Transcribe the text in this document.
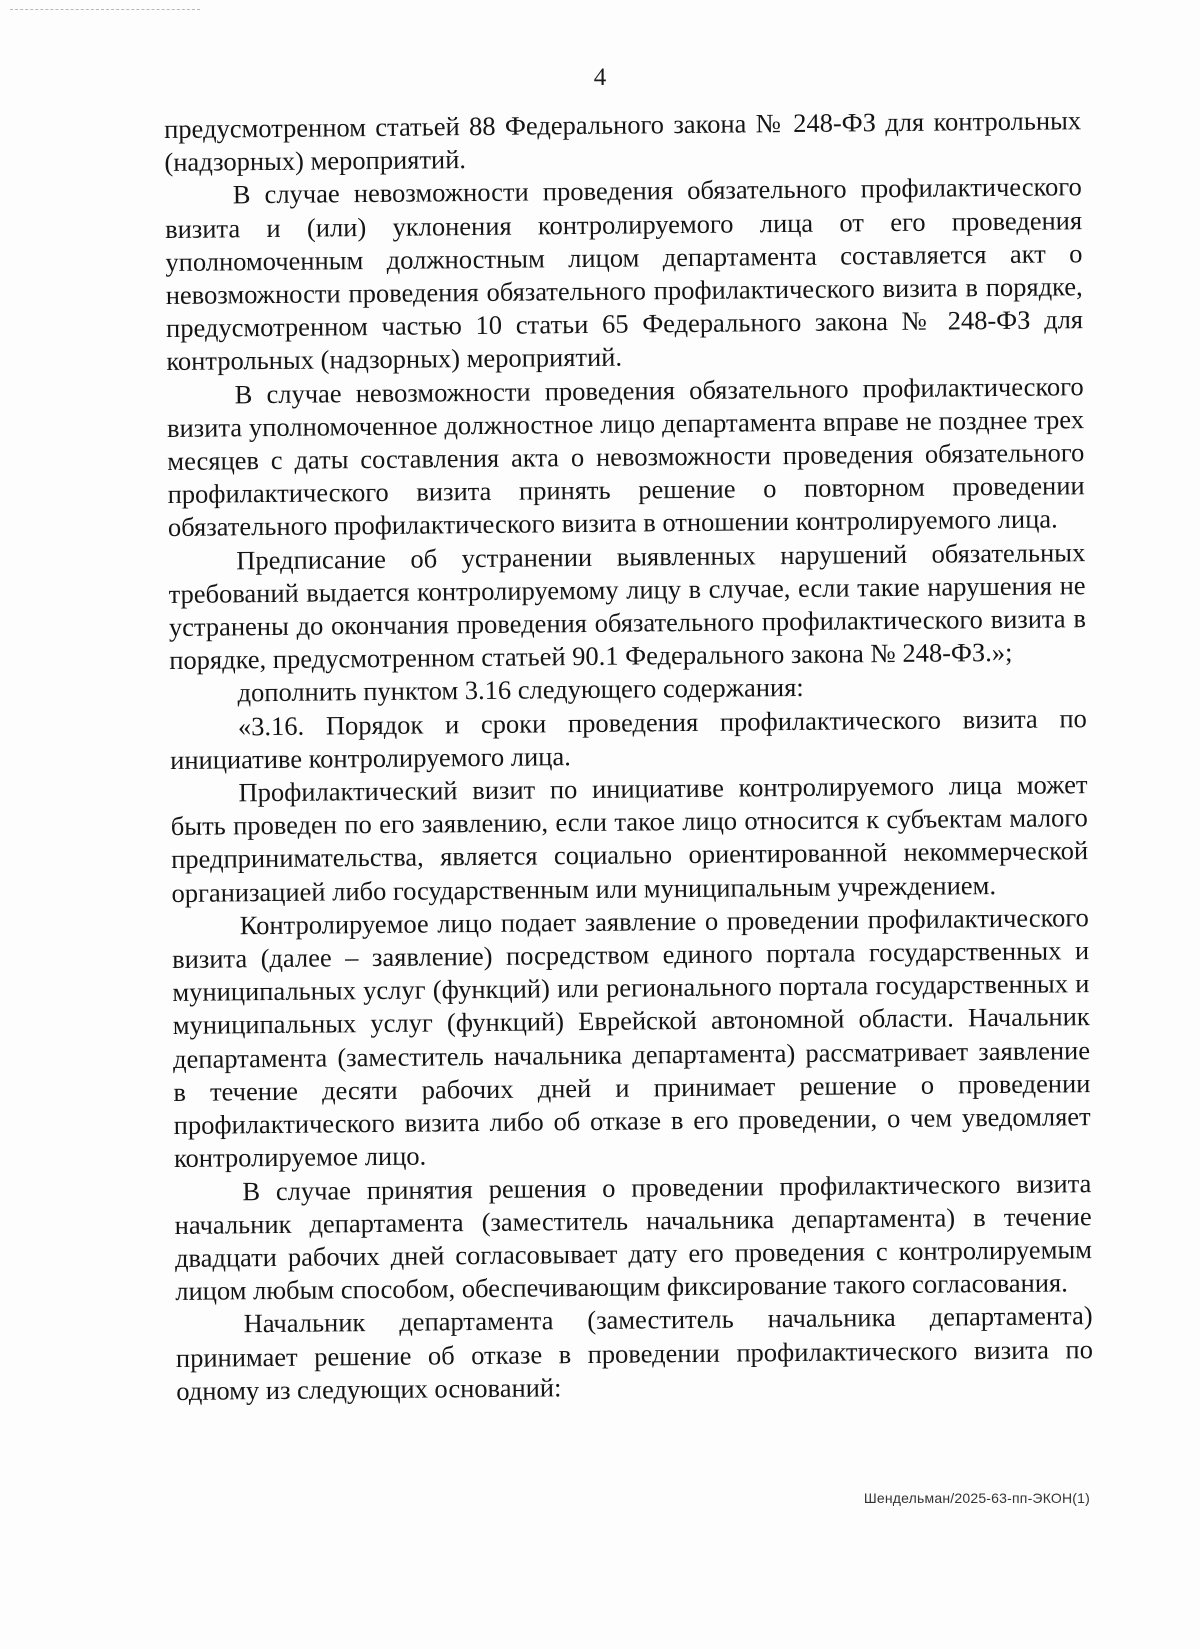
4

предусмотренном статьей 88 Федерального закона № 248-ФЗ для контрольных (надзорных) мероприятий.

В случае невозможности проведения обязательного профилактического визита и (или) уклонения контролируемого лица от его проведения уполномоченным должностным лицом департамента составляется акт о невозможности проведения обязательного профилактического визита в порядке, предусмотренном частью 10 статьи 65 Федерального закона № 248-ФЗ для контрольных (надзорных) мероприятий.

В случае невозможности проведения обязательного профилактического визита уполномоченное должностное лицо департамента вправе не позднее трех месяцев с даты составления акта о невозможности проведения обязательного профилактического визита принять решение о повторном проведении обязательного профилактического визита в отношении контролируемого лица.

Предписание об устранении выявленных нарушений обязательных требований выдается контролируемому лицу в случае, если такие нарушения не устранены до окончания проведения обязательного профилактического визита в порядке, предусмотренном статьей 90.1 Федерального закона № 248-ФЗ.»;

дополнить пунктом 3.16 следующего содержания:

«3.16. Порядок и сроки проведения профилактического визита по инициативе контролируемого лица.

Профилактический визит по инициативе контролируемого лица может быть проведен по его заявлению, если такое лицо относится к субъектам малого предпринимательства, является социально ориентированной некоммерческой организацией либо государственным или муниципальным учреждением.

Контролируемое лицо подает заявление о проведении профилактического визита (далее – заявление) посредством единого портала государственных и муниципальных услуг (функций) или регионального портала государственных и муниципальных услуг (функций) Еврейской автономной области. Начальник департамента (заместитель начальника департамента) рассматривает заявление в течение десяти рабочих дней и принимает решение о проведении профилактического визита либо об отказе в его проведении, о чем уведомляет контролируемое лицо.

В случае принятия решения о проведении профилактического визита начальник департамента (заместитель начальника департамента) в течение двадцати рабочих дней согласовывает дату его проведения с контролируемым лицом любым способом, обеспечивающим фиксирование такого согласования.

Начальник департамента (заместитель начальника департамента) принимает решение об отказе в проведении профилактического визита по одному из следующих оснований:

Шендельман/2025-63-пп-ЭКОН(1)
